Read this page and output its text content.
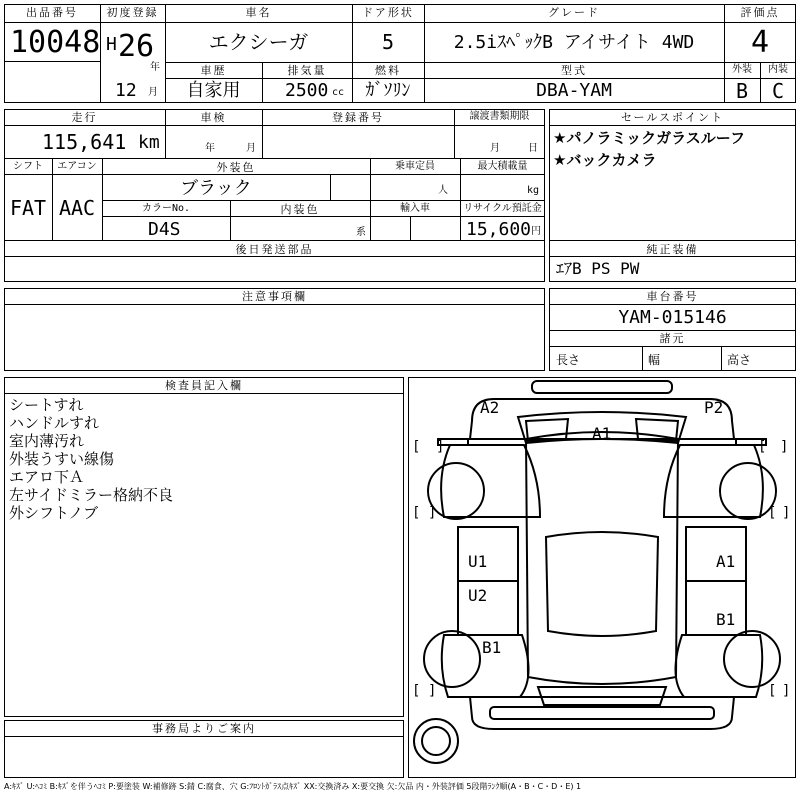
出品番号
10048
初度登録
H 26
年
12 月
車名
エクシーガ
ドア形状
5
グレード
2.5iｽﾍﾟｯｸB アイサイト 4WD
評価点
4
車歴
自家用
排気量
2500 cc
燃料
ｶﾞｿﾘﾝ
型式
DBA-YAM
外装
B
内装
C
走行
115,641 km
車検
年	月
登録番号	譲渡書類期限
月	日
シフト
FAT
エアコン
AAC
外装色
ブラック
乗車定員
人
最大積載量
kg
カラーNo.
D4S
内装色
系
輸入車	リサイクル預託金
15,600 円
後日発送部品
セールスポイント
★パノラミックガラスルーフ
★バックカメラ
純正装備
ｴｱB PS PW
注意事項欄	車台番号
YAM-015146
諸元
長さ	幅	高さ
検査員記入欄
シートすれ
ハンドルすれ
室内薄汚れ
外装うすい線傷
エアロ下Ａ
左サイドミラー格納不良
外シフトノブ
事務局よりご案内
[ ]	[ ]
[ ]	[ ]
[ ]	[ ]
A2	P2
A1
U1
U2
A1
B1
B1
A:ｷｽﾞ U:ﾍｺﾐ B:ｷｽﾞを伴うﾍｺﾐ P:要塗装 W:補修跡 S:錆 C:腐食、穴 G:ﾌﾛﾝﾄｶﾞﾗｽ点ｷｽﾞ XX:交換済み X:要交換 欠:欠品 内・外装評価 5段階ﾗﾝｸ順(A・B・C・D・E) 1
